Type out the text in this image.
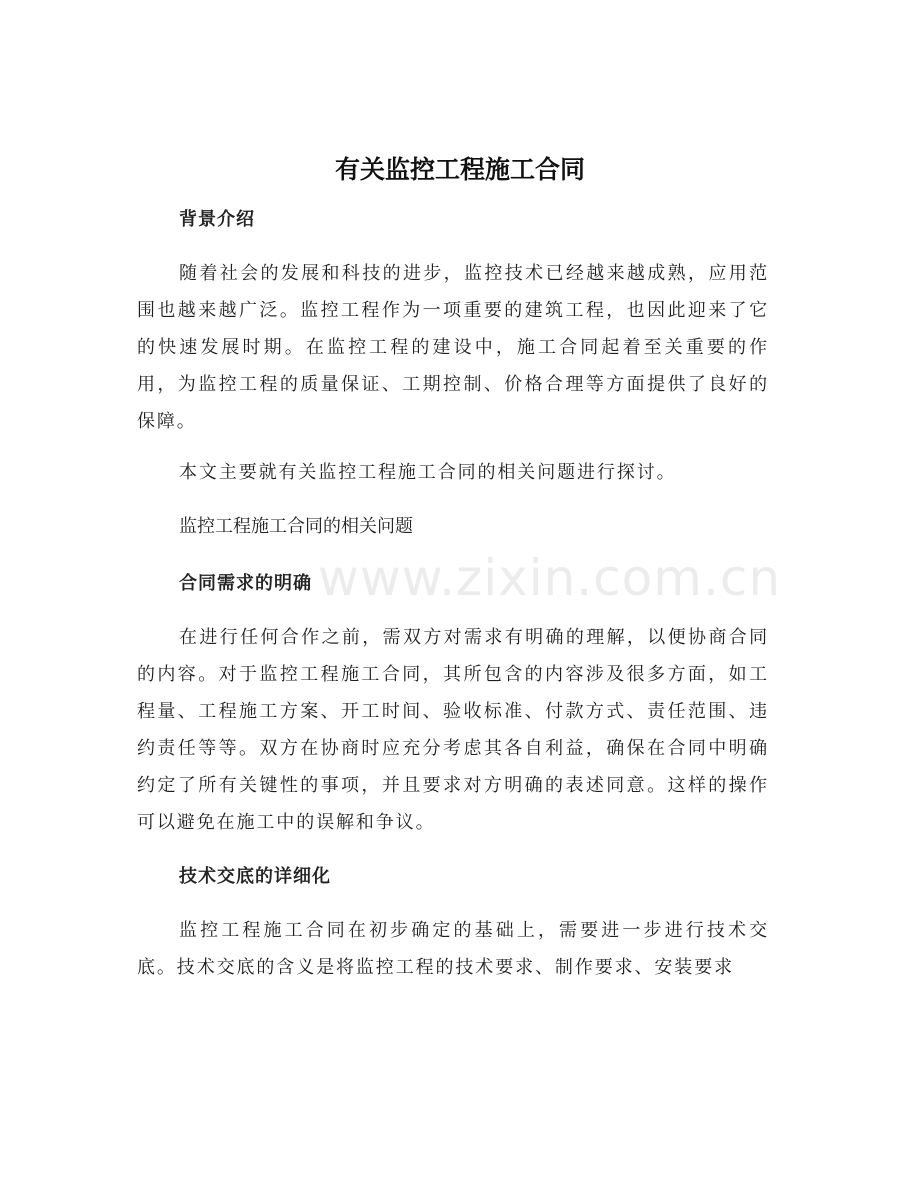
有关监控工程施工合同

背景介绍

随着社会的发展和科技的进步，监控技术已经越来越成熟，应用范围也越来越广泛。监控工程作为一项重要的建筑工程，也因此迎来了它的快速发展时期。在监控工程的建设中，施工合同起着至关重要的作用，为监控工程的质量保证、工期控制、价格合理等方面提供了良好的保障。

本文主要就有关监控工程施工合同的相关问题进行探讨。

监控工程施工合同的相关问题

合同需求的明确

在进行任何合作之前，需双方对需求有明确的理解，以便协商合同的内容。对于监控工程施工合同，其所包含的内容涉及很多方面，如工程量、工程施工方案、开工时间、验收标准、付款方式、责任范围、违约责任等等。双方在协商时应充分考虑其各自利益，确保在合同中明确约定了所有关键性的事项，并且要求对方明确的表述同意。这样的操作可以避免在施工中的误解和争议。

技术交底的详细化

监控工程施工合同在初步确定的基础上，需要进一步进行技术交底。技术交底的含义是将监控工程的技术要求、制作要求、安装要求

www.zixin.com.cn
